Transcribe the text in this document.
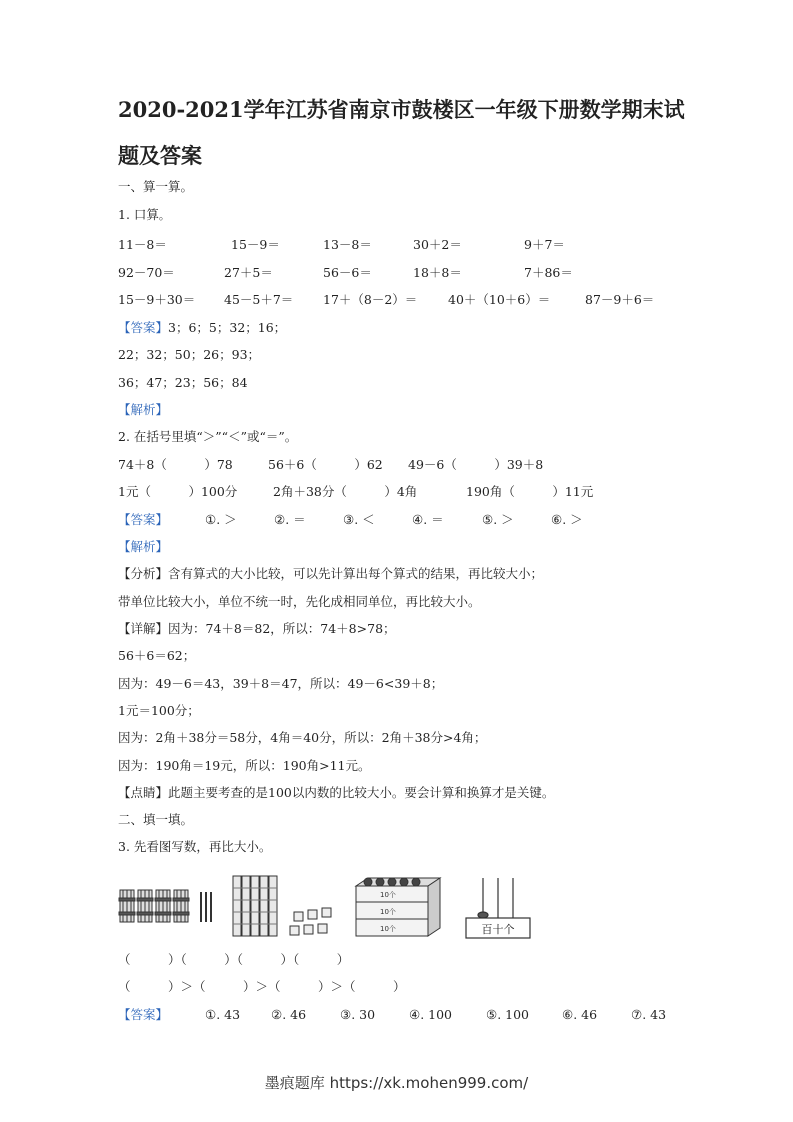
2020-2021学年江苏省南京市鼓楼区一年级下册数学期末试
题及答案
一、算一算。
1. 口算。
11－8＝	15－9＝	13－8＝	30＋2＝	9＋7＝
92－70＝	27＋5＝	56－6＝	18＋8＝	7＋86＝
15－9＋30＝ 45－5＋7＝ 17＋（8－2）＝ 40＋（10＋6）＝	87－9＋6＝
【答案】3；6；5；32；16；
22；32；50；26；93；
36；47；23；56；84
【解析】
2. 在括号里填“＞”“＜”或“＝”。
74＋8（　　　）78	56＋6（　　　）62 49－6（　　　）39＋8
1元（　　　）100分	2角＋38分（　　　）4角	190角（　　　）11元
【答案】	①. ＞	②. ＝	③. ＜	④. ＝	⑤. ＞	⑥. ＞
【解析】
【分析】含有算式的大小比较，可以先计算出每个算式的结果，再比较大小；
带单位比较大小，单位不统一时，先化成相同单位，再比较大小。
【详解】因为：74＋8＝82，所以：74＋8>78；
56＋6＝62；
因为：49－6＝43，39＋8＝47，所以：49－6<39＋8；
1元＝100分；
因为：2角＋38分＝58分，4角＝40分，所以：2角＋38分>4角；
因为：190角＝19元，所以：190角>11元。
【点睛】此题主要考查的是100以内数的比较大小。要会计算和换算才是关键。
二、填一填。
3. 先看图写数，再比大小。
10个
10个
10个	百十个
（　　　）（　　　）（　　　）（　　　）
（　　　）＞（　　　）＞（　　　）＞（　　　）
【答案】	①. 43 ②. 46	③. 30	④. 100	⑤. 100	⑥. 46	⑦. 43
墨痕题库 https://xk.mohen999.com/
